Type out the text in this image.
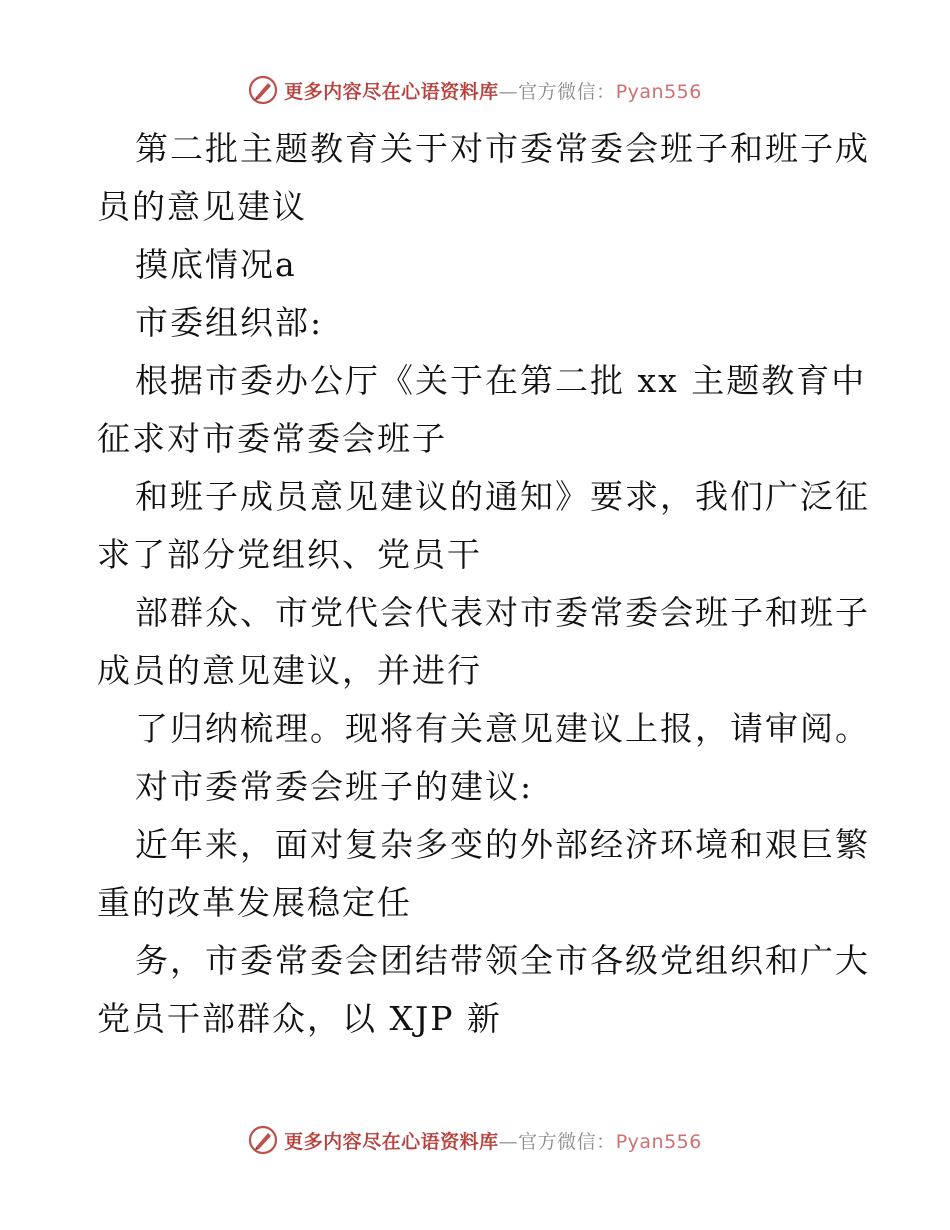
更多内容尽在心语资料库—官方微信：Pyan556
第二批主题教育关于对市委常委会班子和班子成
员的意见建议
摸底情况a
市委组织部:
根据市委办公厅《关于在第二批 xx 主题教育中
征求对市委常委会班子
和班子成员意见建议的通知》要求，我们广泛征
求了部分党组织、党员干
部群众、市党代会代表对市委常委会班子和班子
成员的意见建议，并进行
了归纳梳理。现将有关意见建议上报，请审阅。
对市委常委会班子的建议:
近年来，面对复杂多变的外部经济环境和艰巨繁
重的改革发展稳定任
务，市委常委会团结带领全市各级党组织和广大
党员干部群众，以 XJP 新
更多内容尽在心语资料库—官方微信：Pyan556
